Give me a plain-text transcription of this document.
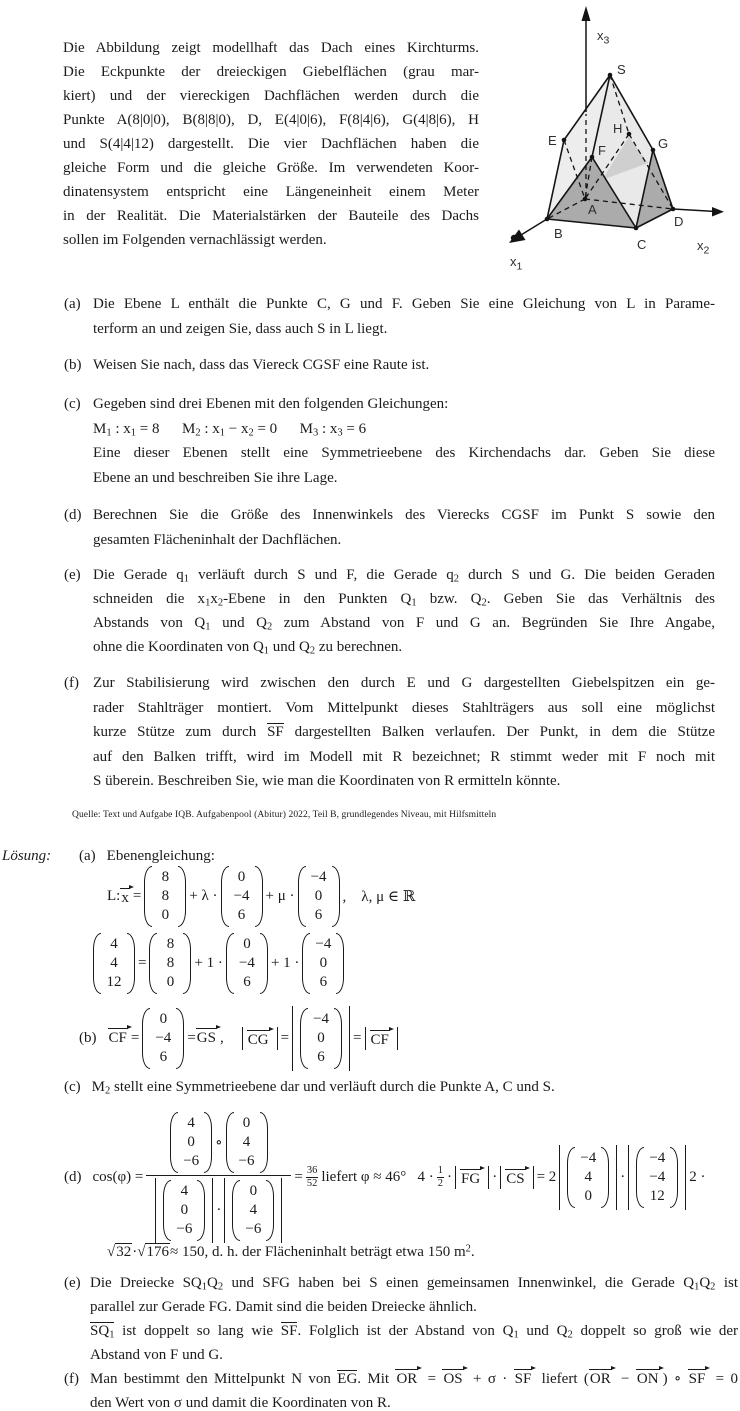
Die Abbildung zeigt modellhaft das Dach eines Kirchturms.
Die Eckpunkte der dreieckigen Giebelflächen (grau mar-
kiert) und der viereckigen Dachflächen werden durch die
Punkte A(8|0|0), B(8|8|0), D, E(4|0|6), F(8|4|6), G(4|8|6), H
und S(4|4|12) dargestellt. Die vier Dachflächen haben die
gleiche Form und die gleiche Größe. Im verwendeten Koor-
dinatensystem entspricht eine Längeneinheit einem Meter
in der Realität. Die Materialstärken der Bauteile des Dachs
sollen im Folgenden vernachlässigt werden.
S
E
F	G
H
A
B
C
D
$x_1$
$x_2$
$x_3$
(a) Die Ebene L enthält die Punkte C, G und F. Geben Sie eine Gleichung von L in Parame-
terform an und zeigen Sie, dass auch S in L liegt.
(b) Weisen Sie nach, dass das Viereck CGSF eine Raute ist.
(c) Gegeben sind drei Ebenen mit den folgenden Gleichungen:
$M_1$ : $x_1 = 8$  $M_2$ : $x_1 - x_2 = 0$  $M_3$ : $x_3 = 6$
Eine dieser Ebenen stellt eine Symmetrieebene des Kirchendachs dar. Geben Sie diese
Ebene an und beschreiben Sie ihre Lage.
(d) Berechnen Sie die Größe des Innenwinkels des Vierecks CGSF im Punkt S sowie den
gesamten Flächeninhalt der Dachflächen.
(e) Die Gerade $q_1$ verläuft durch S und F, die Gerade $q_2$ durch S und G. Die beiden Geraden
schneiden die $x_1x_2$-Ebene in den Punkten $Q_1$ bzw. $Q_2$. Geben Sie das Verhältnis des
Abstands von $Q_1$ und $Q_2$ zum Abstand von F und G an. Begründen Sie Ihre Angabe,
ohne die Koordinaten von $Q_1$ und $Q_2$ zu berechnen.
(f) Zur Stabilisierung wird zwischen den durch E und G dargestellten Giebelspitzen ein ge-
rader Stahlträger montiert. Vom Mittelpunkt dieses Stahlträgers aus soll eine möglichst
kurze Stütze zum durch SF dargestellten Balken verlaufen. Der Punkt, in dem die Stütze
auf den Balken trifft, wird im Modell mit R bezeichnet; R stimmt weder mit F noch mit
S überein. Beschreiben Sie, wie man die Koordinaten von R ermitteln könnte.
Quelle: Text und Aufgabe IQB. Aufgabenpool (Abitur) 2022, Teil B, grundlegendes Niveau, mit Hilfsmitteln
Lösung: (a) Ebenengleichung:
L: x =
8
8
0
+ λ ·
0
−4
6
+ μ ·
−4
0
6
, λ, μ ∈ ℝ
4
4
12
=
8
8
0
+ 1 ·
0
−4
6
+ 1 ·
−4
0
6
(b) CF=
0
−4
6
=GS ,  CG =
−4
0
6
= CF
(c) $M_2$ stellt eine Symmetrieebene dar und verläuft durch die Punkte A, C und S.
(d) cos(φ) = 4
0
−6
∘
0
4
−6
4
0
−6
·
0
4
$-6 = \frac{36}{52}$ liefert φ ≈ 46°  $4 \cdot \frac{1}{2}$ · FG · CS = 2
−4
4
0
·
−4
−4
12
2 ·
√32 · √176 ≈ 150, d. h. der Flächeninhalt beträgt etwa 150 $m^2$.
(e) Die Dreiecke $SQ_1Q_2$ und SFG haben bei S einen gemeinsamen Innenwinkel, die Gerade $Q_1Q_2$ ist
parallel zur Gerade FG. Damit sind die beiden Dreiecke ähnlich.
$SQ_1$ ist doppelt so lang wie SF. Folglich ist der Abstand von $Q_1$ und $Q_2$ doppelt so groß wie der
Abstand von F und G.
(f) Man bestimmt den Mittelpunkt N von EG. Mit OR = OS + σ · SF liefert (OR − ON ) ∘ SF = 0
den Wert von σ und damit die Koordinaten von R.
